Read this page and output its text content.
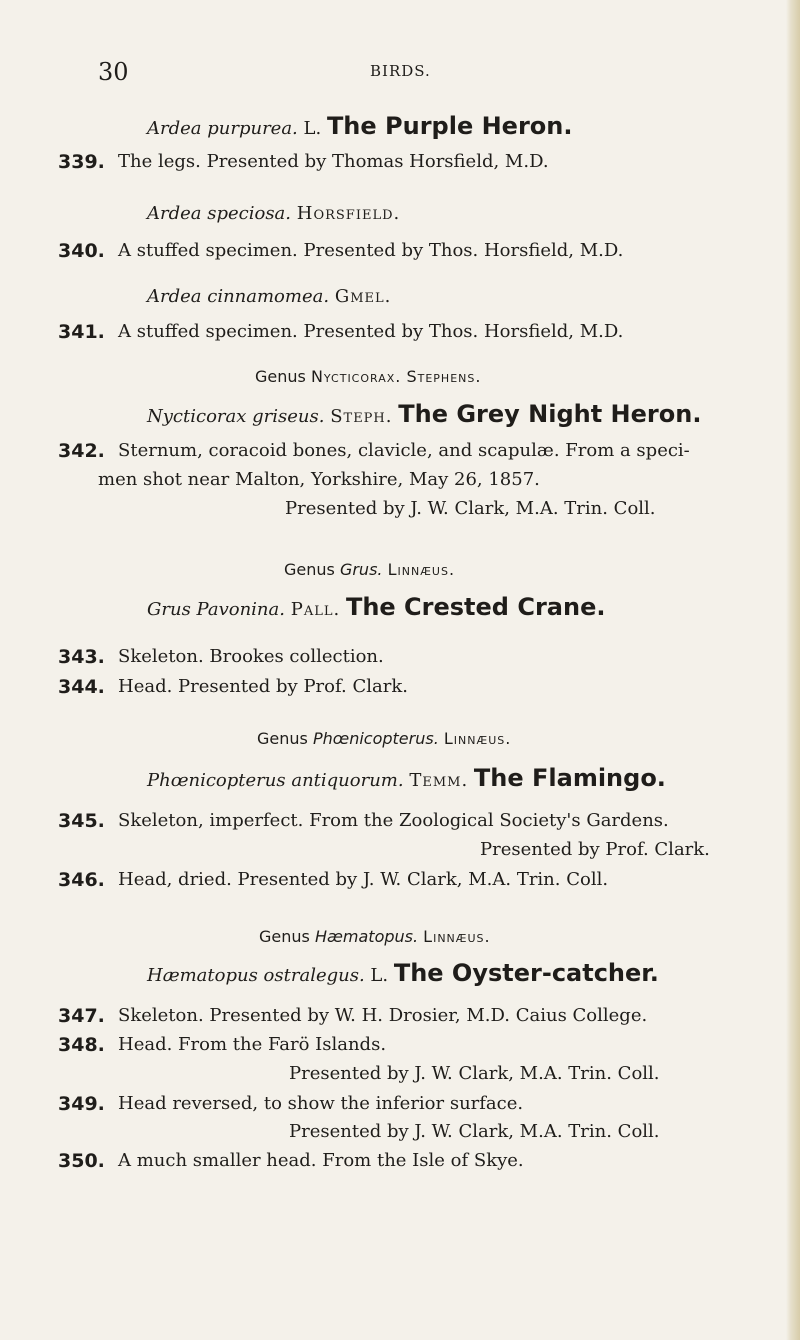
30	BIRDS.
Ardea purpurea. L. The Purple Heron.
339. The legs. Presented by Thomas Horsfield, M.D.
Ardea speciosa. Horsfield.
340. A stuffed specimen. Presented by Thos. Horsfield, M.D.
Ardea cinnamomea. Gmel.
341. A stuffed specimen. Presented by Thos. Horsfield, M.D.
Genus Nycticorax. Stephens.
Nycticorax griseus. Steph. The Grey Night Heron.
342. Sternum, coracoid bones, clavicle, and scapulæ. From a speci-
men shot near Malton, Yorkshire, May 26, 1857.
Presented by J. W. Clark, M.A. Trin. Coll.
Genus Grus. Linnæus.
Grus Pavonina. Pall. The Crested Crane.
343. Skeleton. Brookes collection.
344. Head. Presented by Prof. Clark.
Genus Phœnicopterus. Linnæus.
Phœnicopterus antiquorum. Temm. The Flamingo.
345. Skeleton, imperfect. From the Zoological Society's Gardens.
Presented by Prof. Clark.
346. Head, dried. Presented by J. W. Clark, M.A. Trin. Coll.
Genus Hæmatopus. Linnæus.
Hæmatopus ostralegus. L. The Oyster-catcher.
347. Skeleton. Presented by W. H. Drosier, M.D. Caius College.
348. Head. From the Farö Islands.
Presented by J. W. Clark, M.A. Trin. Coll.
349. Head reversed, to show the inferior surface.
Presented by J. W. Clark, M.A. Trin. Coll.
350. A much smaller head. From the Isle of Skye.
